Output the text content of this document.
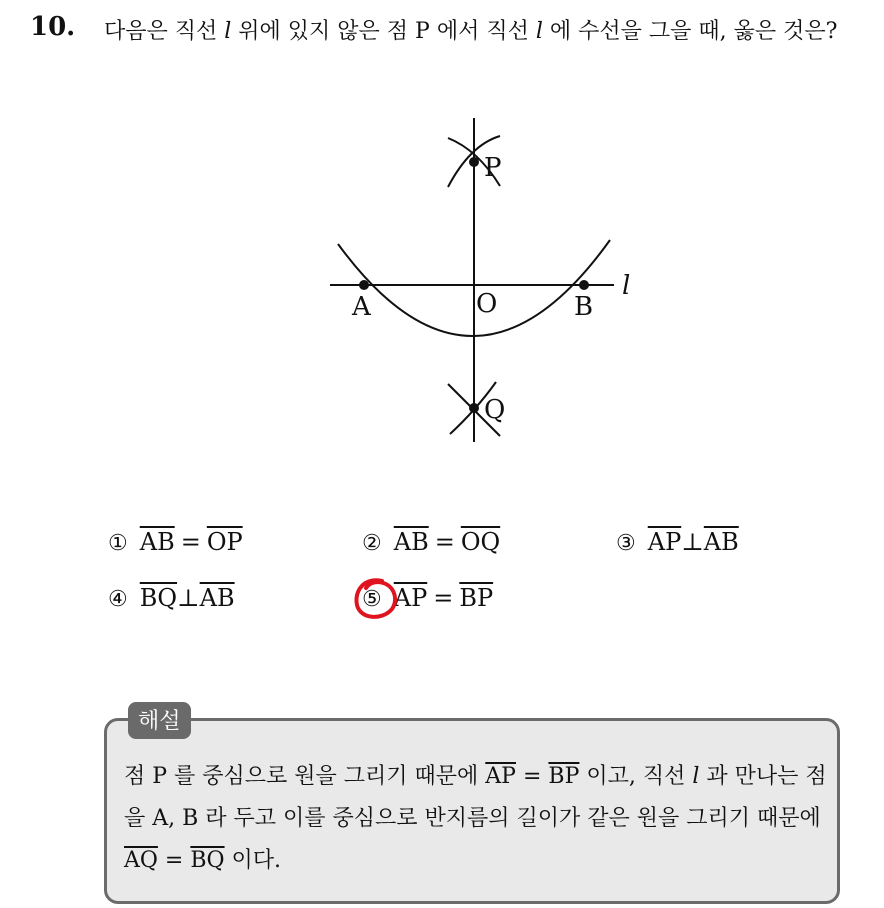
10. 다음은 직선 l 위에 있지 않은 점 P 에서 직선 l 에 수선을 그을 때, 옳은 것은?
P
Q
O
A	B
l
① $\overline{AB} = \overline{OP}$	② $\overline{AB} = \overline{OQ}$	③ $\overline{AP}\perp\overline{AB}$
④ $\overline{BQ}\perp\overline{AB}$	⑤ $\overline{AP} = \overline{BP}$
해설
점 P 를 중심으로 원을 그리기 때문에 $\overline{AP} = \overline{BP}$ 이고, 직선 l 과 만나는 점을 A, B 라 두고 이를 중심으로 반지름의 길이가 같은 원을 그리기 때문에 $\overline{AQ} = \overline{BQ}$ 이다.
